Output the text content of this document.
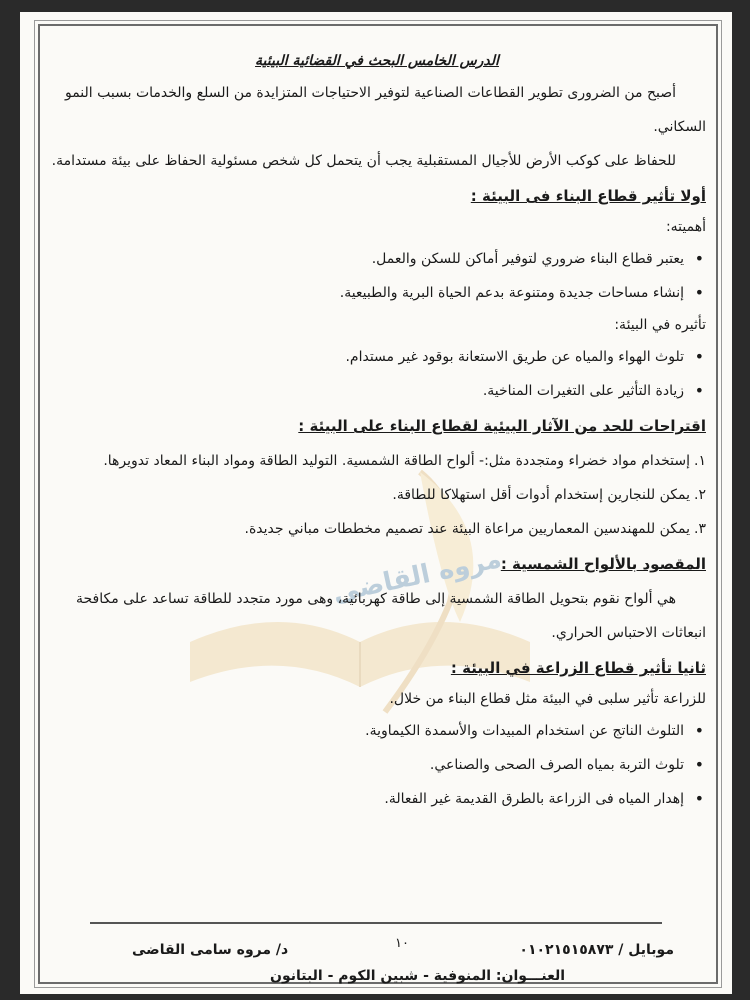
مروه القاضى
الدرس الخامس البحث في القضائية البيئية

أصبح من الضرورى تطوير القطاعات الصناعية لتوفير الاحتياجات المتزايدة من السلع والخدمات بسبب النمو السكاني.

للحفاظ على كوكب الأرض للأجيال المستقبلية يجب أن يتحمل كل شخص مسئولية الحفاظ على بيئة مستدامة.

أولا تأثير قطاع البناء فى البيئة :
أهميته:
• يعتبر قطاع البناء ضروري لتوفير أماكن للسكن والعمل.
• إنشاء مساحات جديدة ومتنوعة بدعم الحياة البرية والطبيعية.
تأثيره في البيئة:
• تلوث الهواء والمياه عن طريق الاستعانة بوقود غير مستدام.
• زيادة التأثير على التغيرات المناخية.
اقتراحات للحد من الآثار البيئية لقطاع البناء على البيئة :
١.إستخدام مواد خضراء ومتجددة مثل:- ألواح الطاقة الشمسية. التوليد الطاقة ومواد البناء المعاد تدويرها.
٢.يمكن للنجارين إستخدام أدوات أقل استهلاكا للطاقة.
٣.يمكن للمهندسين المعماريين مراعاة البيئة عند تصميم مخططات مباني جديدة.
المقصود بالألواح الشمسية :

هي ألواح نقوم بتحويل الطاقة الشمسية إلى طاقة كهربائية، وهى مورد متجدد للطاقة تساعد على مكافحة انبعاثات الاحتباس الحراري.

ثانيا تأثير قطاع الزراعة في البيئة :
للزراعة تأثير سلبى في البيئة مثل قطاع البناء من خلال.
• التلوث الناتج عن استخدام المبيدات والأسمدة الكيماوية.
• تلوث التربة بمياه الصرف الصحى والصناعي.
• إهدار المياه فى الزراعة بالطرق القديمة غير الفعالة.
د/ مروه سامى القاضى	١٠	موبايل / ٠١٠٢١٥١٥٨٧٣
العنـــوان: المنوفية - شبين الكوم - البتانون
